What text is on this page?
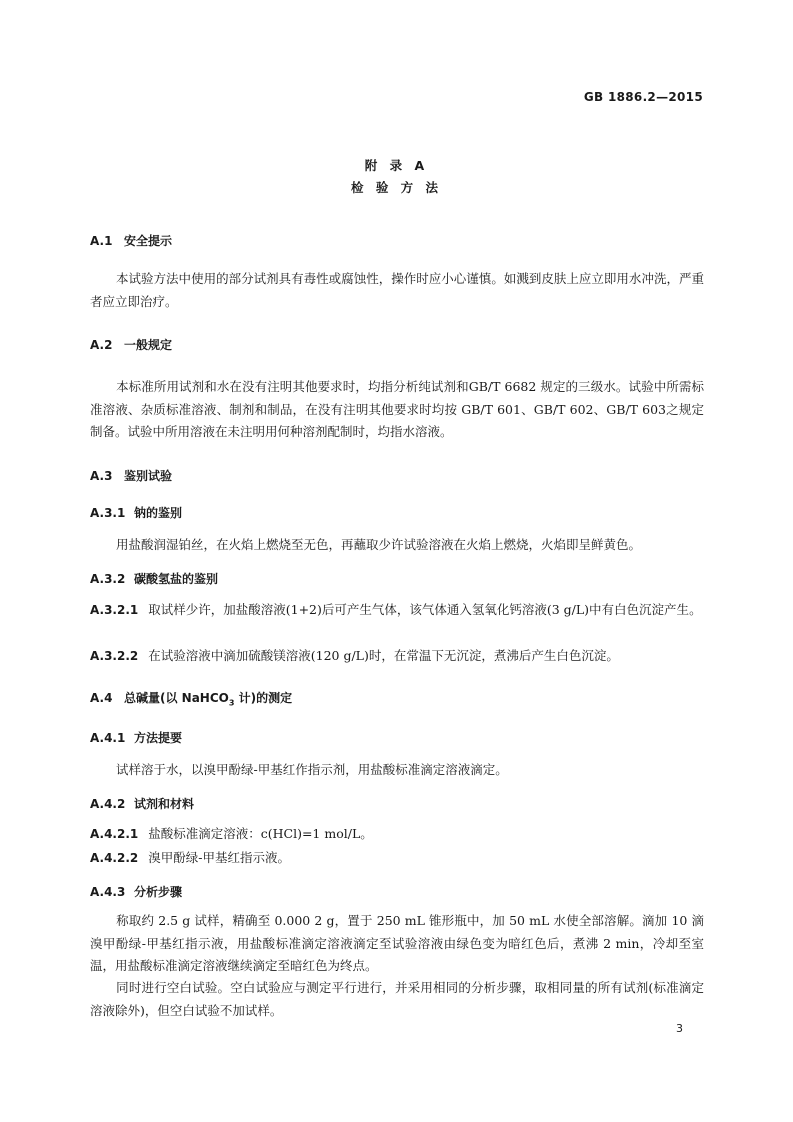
GB 1886.2—2015
附 录 A
检 验 方 法
A.1 安全提示
本试验方法中使用的部分试剂具有毒性或腐蚀性，操作时应小心谨慎。如溅到皮肤上应立即用水冲洗，严重者应立即治疗。
A.2 一般规定
本标准所用试剂和水在没有注明其他要求时，均指分析纯试剂和GB/T 6682 规定的三级水。试验中所需标准溶液、杂质标准溶液、制剂和制品，在没有注明其他要求时均按 GB/T 601、GB/T 602、GB/T 603之规定制备。试验中所用溶液在未注明用何种溶剂配制时，均指水溶液。
A.3 鉴别试验
A.3.1 钠的鉴别
用盐酸润湿铂丝，在火焰上燃烧至无色，再蘸取少许试验溶液在火焰上燃烧，火焰即呈鲜黄色。
A.3.2 碳酸氢盐的鉴别
A.3.2.1 取试样少许，加盐酸溶液(1+2)后可产生气体，该气体通入氢氧化钙溶液(3 g/L)中有白色沉淀产生。
A.3.2.2 在试验溶液中滴加硫酸镁溶液(120 g/L)时，在常温下无沉淀，煮沸后产生白色沉淀。
A.4 总碱量(以 NaHCO$_3$ 计)的测定
A.4.1 方法提要
试样溶于水，以溴甲酚绿-甲基红作指示剂，用盐酸标准滴定溶液滴定。
A.4.2 试剂和材料
A.4.2.1 盐酸标准滴定溶液：c(HCl)=1 mol/L。
A.4.2.2 溴甲酚绿-甲基红指示液。
A.4.3 分析步骤
称取约 2.5 g 试样，精确至 0.000 2 g，置于 250 mL 锥形瓶中，加 50 mL 水使全部溶解。滴加 10 滴溴甲酚绿-甲基红指示液，用盐酸标准滴定溶液滴定至试验溶液由绿色变为暗红色后，煮沸 2 min，冷却至室温，用盐酸标准滴定溶液继续滴定至暗红色为终点。
同时进行空白试验。空白试验应与测定平行进行，并采用相同的分析步骤，取相同量的所有试剂(标准滴定溶液除外)，但空白试验不加试样。
3
